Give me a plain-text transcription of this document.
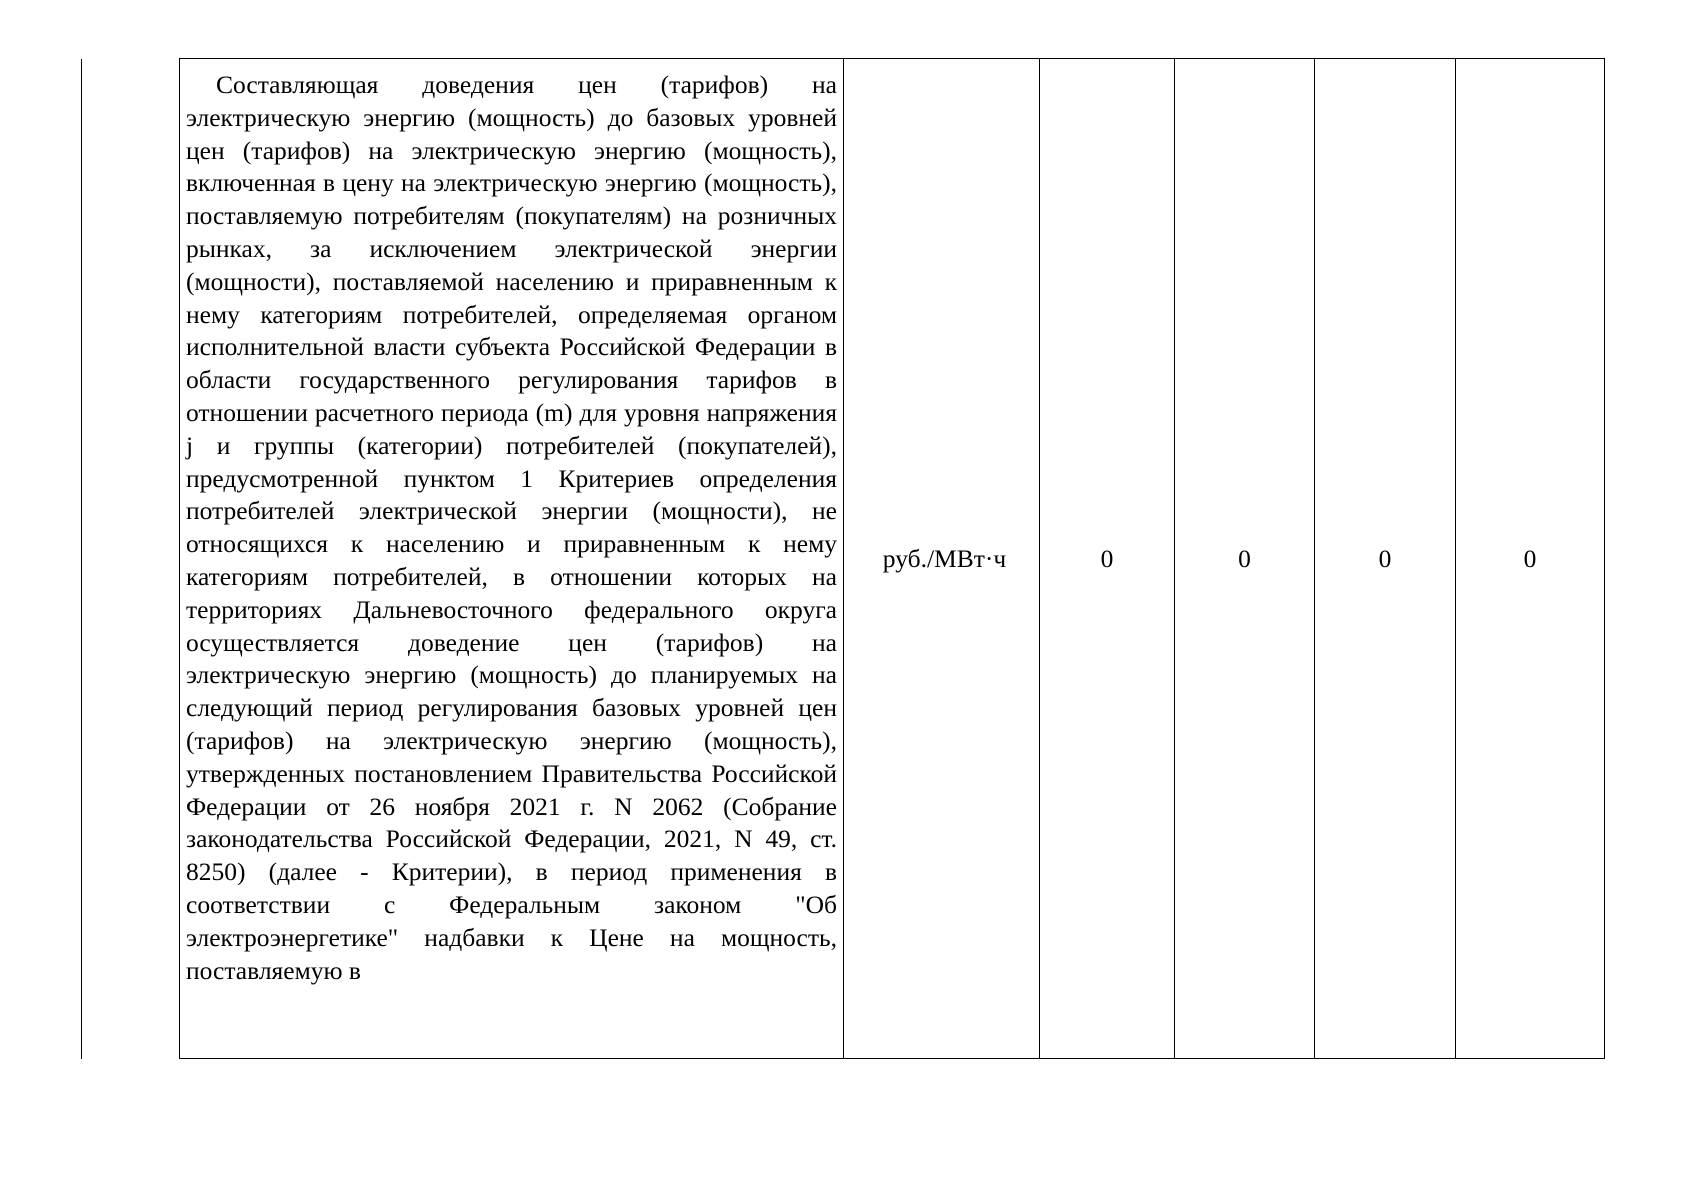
Составляющая доведения цен (тарифов) на электрическую энергию (мощность) до базовых уровней цен (тарифов) на электрическую энергию (мощность), включенная в цену на электрическую энергию (мощность), поставляемую потребителям (покупателям) на розничных рынках, за исключением электрической энергии (мощности), поставляемой населению и приравненным к нему категориям потребителей, определяемая органом исполнительной власти субъекта Российской Федерации в области государственного регулирования тарифов в отношении расчетного периода (m) для уровня напряжения j и группы (категории) потребителей (покупателей), предусмотренной пунктом 1 Критериев определения потребителей электрической энергии (мощности), не относящихся к населению и приравненным к нему категориям потребителей, в отношении которых на территориях Дальневосточного федерального округа осуществляется доведение цен (тарифов) на электрическую энергию (мощность) до планируемых на следующий период регулирования базовых уровней цен (тарифов) на электрическую энергию (мощность), утвержденных постановлением Правительства Российской Федерации от 26 ноября 2021 г. N 2062 (Собрание законодательства Российской Федерации, 2021, N 49, ст. 8250) (далее - Критерии), в период применения в соответствии с Федеральным законом "Об электроэнергетике" надбавки к Цене на мощность, поставляемую в

руб./МВт·ч	0	0	0	0
